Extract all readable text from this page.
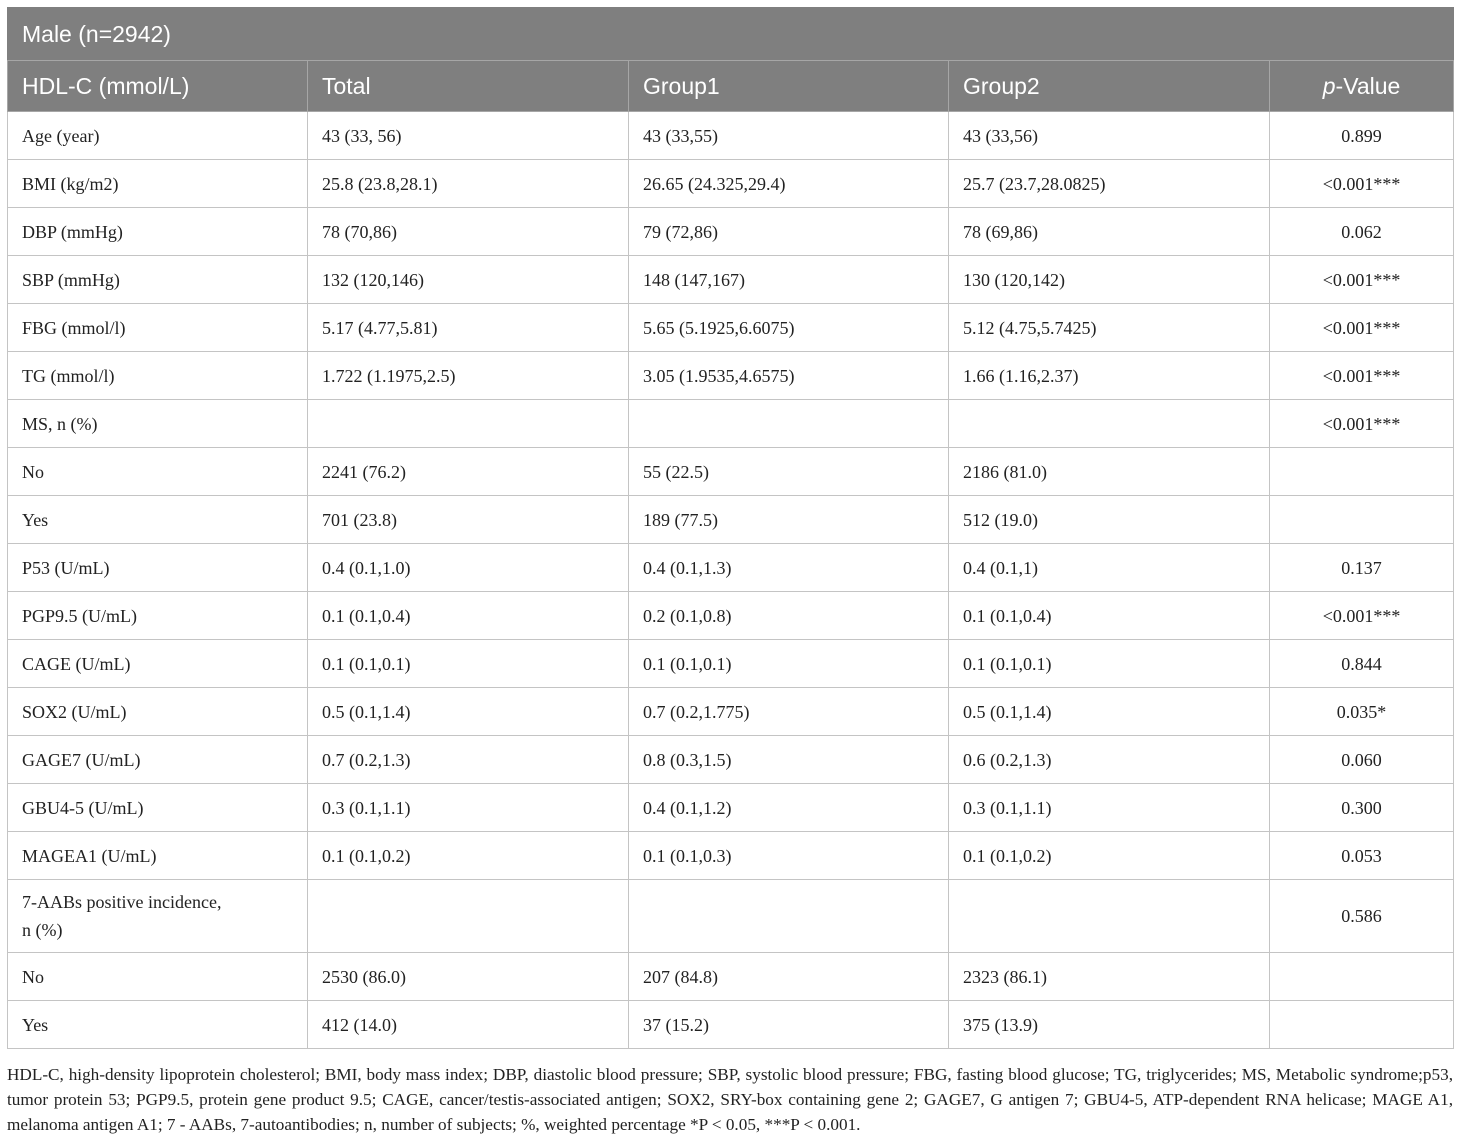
Male (n=2942)				
HDL-C (mmol/L)	Total	Group1	Group2	p-Value
Age (year)	43 (33, 56)	43 (33,55)	43 (33,56)	0.899
BMI (kg/m2)	25.8 (23.8,28.1)	26.65 (24.325,29.4)	25.7 (23.7,28.0825)	<0.001***
DBP (mmHg)	78 (70,86)	79 (72,86)	78 (69,86)	0.062
SBP (mmHg)	132 (120,146)	148 (147,167)	130 (120,142)	<0.001***
FBG (mmol/l)	5.17 (4.77,5.81)	5.65 (5.1925,6.6075)	5.12 (4.75,5.7425)	<0.001***
TG (mmol/l)	1.722 (1.1975,2.5)	3.05 (1.9535,4.6575)	1.66 (1.16,2.37)	<0.001***
MS, n (%)				<0.001***
No	2241 (76.2)	55 (22.5)	2186 (81.0)	
Yes	701 (23.8)	189 (77.5)	512 (19.0)	
P53 (U/mL)	0.4 (0.1,1.0)	0.4 (0.1,1.3)	0.4 (0.1,1)	0.137
PGP9.5 (U/mL)	0.1 (0.1,0.4)	0.2 (0.1,0.8)	0.1 (0.1,0.4)	<0.001***
CAGE (U/mL)	0.1 (0.1,0.1)	0.1 (0.1,0.1)	0.1 (0.1,0.1)	0.844
SOX2 (U/mL)	0.5 (0.1,1.4)	0.7 (0.2,1.775)	0.5 (0.1,1.4)	0.035*
GAGE7 (U/mL)	0.7 (0.2,1.3)	0.8 (0.3,1.5)	0.6 (0.2,1.3)	0.060
GBU4-5 (U/mL)	0.3 (0.1,1.1)	0.4 (0.1,1.2)	0.3 (0.1,1.1)	0.300
MAGEA1 (U/mL)	0.1 (0.1,0.2)	0.1 (0.1,0.3)	0.1 (0.1,0.2)	0.053
7-AABs positive incidence,
n (%)				0.586
No	2530 (86.0)	207 (84.8)	2323 (86.1)	
Yes	412 (14.0)	37 (15.2)	375 (13.9)	

HDL-C, high-density lipoprotein cholesterol; BMI, body mass index; DBP, diastolic blood pressure; SBP, systolic blood pressure; FBG, fasting blood glucose; TG, triglycerides; MS, Metabolic syndrome;p53, tumor protein 53; PGP9.5, protein gene product 9.5; CAGE, cancer/testis-associated antigen; SOX2, SRY-box containing gene 2; GAGE7, G antigen 7; GBU4-5, ATP-dependent RNA helicase; MAGE A1, melanoma antigen A1; 7 - AABs, 7-autoantibodies; n, number of subjects; %, weighted percentage *P < 0.05, ***P < 0.001.
